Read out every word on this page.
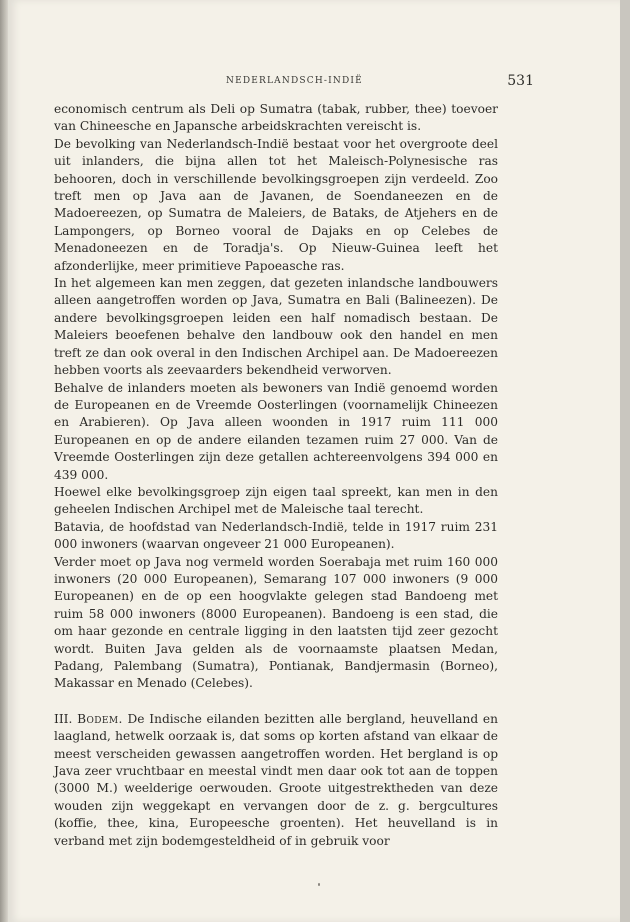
NEDERLANDSCH-INDIË	531

economisch centrum als Deli op Sumatra (tabak, rubber, thee) toevoer van Chineesche en Japansche arbeidskrachten vereischt is.

De bevolking van Nederlandsch-Indië bestaat voor het overgroote deel uit inlanders, die bijna allen tot het Maleisch-Polynesische ras behooren, doch in verschillende bevolkingsgroepen zijn verdeeld. Zoo treft men op Java aan de Javanen, de Soendaneezen en de Madoereezen, op Sumatra de Maleiers, de Bataks, de Atjehers en de Lampongers, op Borneo vooral de Dajaks en op Celebes de Menadoneezen en de Toradja's. Op Nieuw-Guinea leeft het afzonderlijke, meer primitieve Papoeasche ras.

In het algemeen kan men zeggen, dat gezeten inlandsche landbouwers alleen aangetroffen worden op Java, Sumatra en Bali (Balineezen). De andere bevolkingsgroepen leiden een half nomadisch bestaan. De Maleiers beoefenen behalve den landbouw ook den handel en men treft ze dan ook overal in den Indischen Archipel aan. De Madoereezen hebben voorts als zeevaarders bekendheid verworven.

Behalve de inlanders moeten als bewoners van Indië genoemd worden de Europeanen en de Vreemde Oosterlingen (voornamelijk Chineezen en Arabieren). Op Java alleen woonden in 1917 ruim 111 000 Europeanen en op de andere eilanden tezamen ruim 27 000. Van de Vreemde Oosterlingen zijn deze getallen achtereenvolgens 394 000 en 439 000.

Hoewel elke bevolkingsgroep zijn eigen taal spreekt, kan men in den geheelen Indischen Archipel met de Maleische taal terecht.

Batavia, de hoofdstad van Nederlandsch-Indië, telde in 1917 ruim 231 000 inwoners (waarvan ongeveer 21 000 Europeanen).

Verder moet op Java nog vermeld worden Soerabaja met ruim 160 000 inwoners (20 000 Europeanen), Semarang 107 000 inwoners (9 000 Europeanen) en de op een hoogvlakte gelegen stad Bandoeng met ruim 58 000 inwoners (8000 Europeanen). Bandoeng is een stad, die om haar gezonde en centrale ligging in den laatsten tijd zeer gezocht wordt. Buiten Java gelden als de voornaamste plaatsen Medan, Padang, Palembang (Sumatra), Pontianak, Bandjermasin (Borneo), Makassar en Menado (Celebes).

III. Bodem. De Indische eilanden bezitten alle bergland, heuvelland en laagland, hetwelk oorzaak is, dat soms op korten afstand van elkaar de meest verscheiden gewassen aangetroffen worden. Het bergland is op Java zeer vruchtbaar en meestal vindt men daar ook tot aan de toppen (3000 M.) weelderige oerwouden. Groote uitgestrektheden van deze wouden zijn weggekapt en vervangen door de z. g. bergcultures (koffie, thee, kina, Europeesche groenten). Het heuvelland is in verband met zijn bodemgesteldheid of in gebruik voor
